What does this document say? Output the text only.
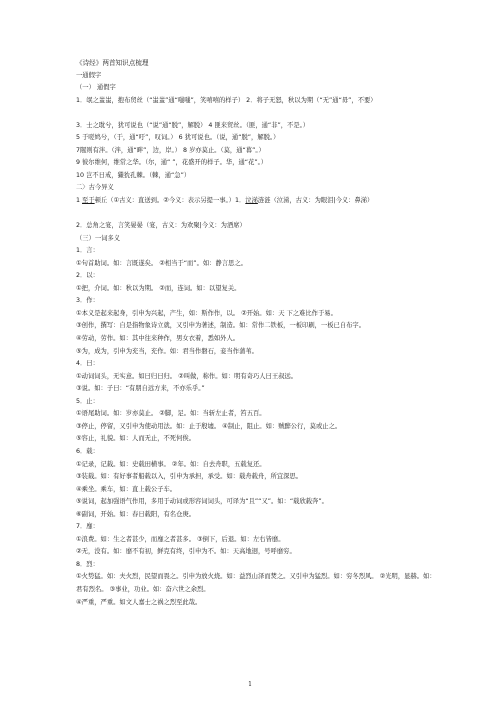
《诗经》两首知识点梳理
一通假字
（一） 通假字
1．氓之蚩蚩，抱布贸丝（“蚩蚩”通“嗤嗤”，笑嘻嘻的样子） 2．将子无怒，秋以为期（“无”通“毋”，不要）
3．士之耽兮，犹可说也（“说”通“脱”，解脱） 4 匪来贸丝。（匪，通“非”，不是。）
5 于嗟鸠兮，（于，通“吁”，叹词。） 6 犹可说也。（说，通“脱”，解脱。）
7隰则有泮。（泮，通“畔”，边，岸。） 8 岁亦莫止。（莫，通“暮”。）
9 彼尔维何，维常之华。（尔，通“ ”，花盛开的样子。华，通“花”。）
10 岂不日戒，玁狁孔棘。（棘，通“急”）
二〉古今异义
1 至于顿丘（①古义：直送到。②今义：表示另提一事。）1．泣涕涟涟（泣涕，古义：为眼泪|今义：鼻涕）
2．总角之宴，言笑晏晏（宴，古义：为欢聚|今义：为酒席）
（三）一词多义
1．言：
①句首助词。如：言既遂矣。 ②相当于“而”。如：静言思之。
2．以：
①把，介词。如：秋以为期。 ②而，连词。如：以望复关。
3．作：
①本义是起来起身，引申为兴起，产生，如：斯作作，以。 ②开始。如：天 下之难比作于易。
③创作，撰写：自是指物象诗立就，又引申为著述，制造。如：常作二铁板，一板印刷，一板已自布字。
④劳动，劳作。如：其中往来种作，男女衣着，悉如外人。
⑤为，成为，引申为充当，充作。如：君当作磐石，妾当作蒲苇。
4．曰：
①动词词头，无实意。如曰归曰归。 ②叫做，称作。如：明有奇巧人曰王叔远。
③说。如：子曰：“有朋自远方来，不亦乐乎。”
5．止：
①语尾助词。如：岁亦莫止。 ②脚，足。如：当斩左止者，笞五百。
③停止，停留，又引申为使动用法。如：止于殷墟。 ④制止，阻止。如：贼醉公行，莫或止之。
⑤容止，礼貌。如：人而无止，不死何俟。
6．载：
①记录，记载。如：史载田横事。 ②年。如：自去舟职，五载复还。
③装载。如：有好事者船载以入，引申为承担，承受。如：载舟载舟，所宜深思。
④乘坐。乘车，如：直上载公子车。
⑤说词，起加强语气作用，多用于动词或形容词词头，可译为“且”“又”。如：“载欣载奔”。
⑥副词，开始。如：春日载阳，有名仓庚。
7．靡：
①浪费。如：生之者甚少，而靡之者甚多。 ③倒下，后退。如：左右皆靡。
②无，没有。如：靡不有初，鲜克有终，引申为不。如：天高地迥，号呼靡穷。
8．烈：
①火势猛。如：夫火烈，民望而畏之。引申为放火烧。如：益烈山泽而焚之。又引申为猛烈。如：穷冬烈风。 ②光明，显赫。如：君有烈名。 ③事业，功业。如：奋六世之余烈。
④严重，严重。如文人嘉士之祸之烈至此哉。
1
